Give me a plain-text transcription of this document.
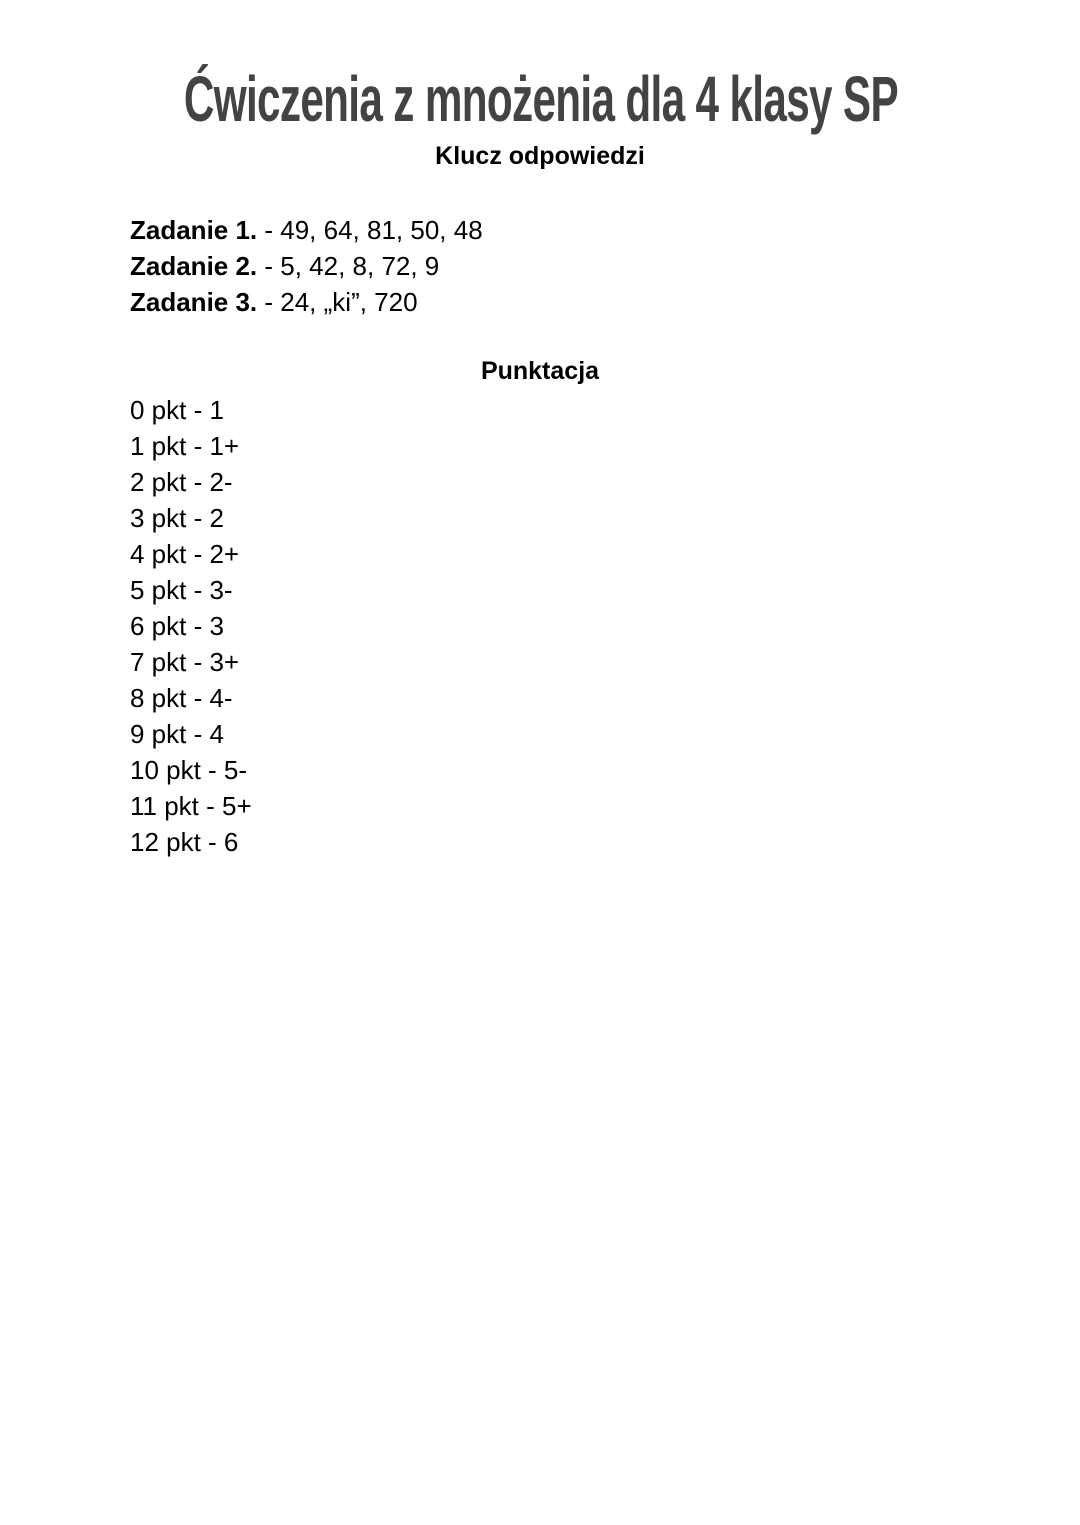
Ćwiczenia z mnożenia dla 4 klasy SP
Klucz odpowiedzi
Zadanie 1. - 49, 64, 81, 50, 48
Zadanie 2. - 5, 42, 8, 72, 9
Zadanie 3. - 24, „ki”, 720
Punktacja
0 pkt - 1
1 pkt - 1+
2 pkt - 2-
3 pkt - 2
4 pkt - 2+
5 pkt - 3-
6 pkt - 3
7 pkt - 3+
8 pkt - 4-
9 pkt - 4
10 pkt - 5-
11 pkt - 5+
12 pkt - 6
